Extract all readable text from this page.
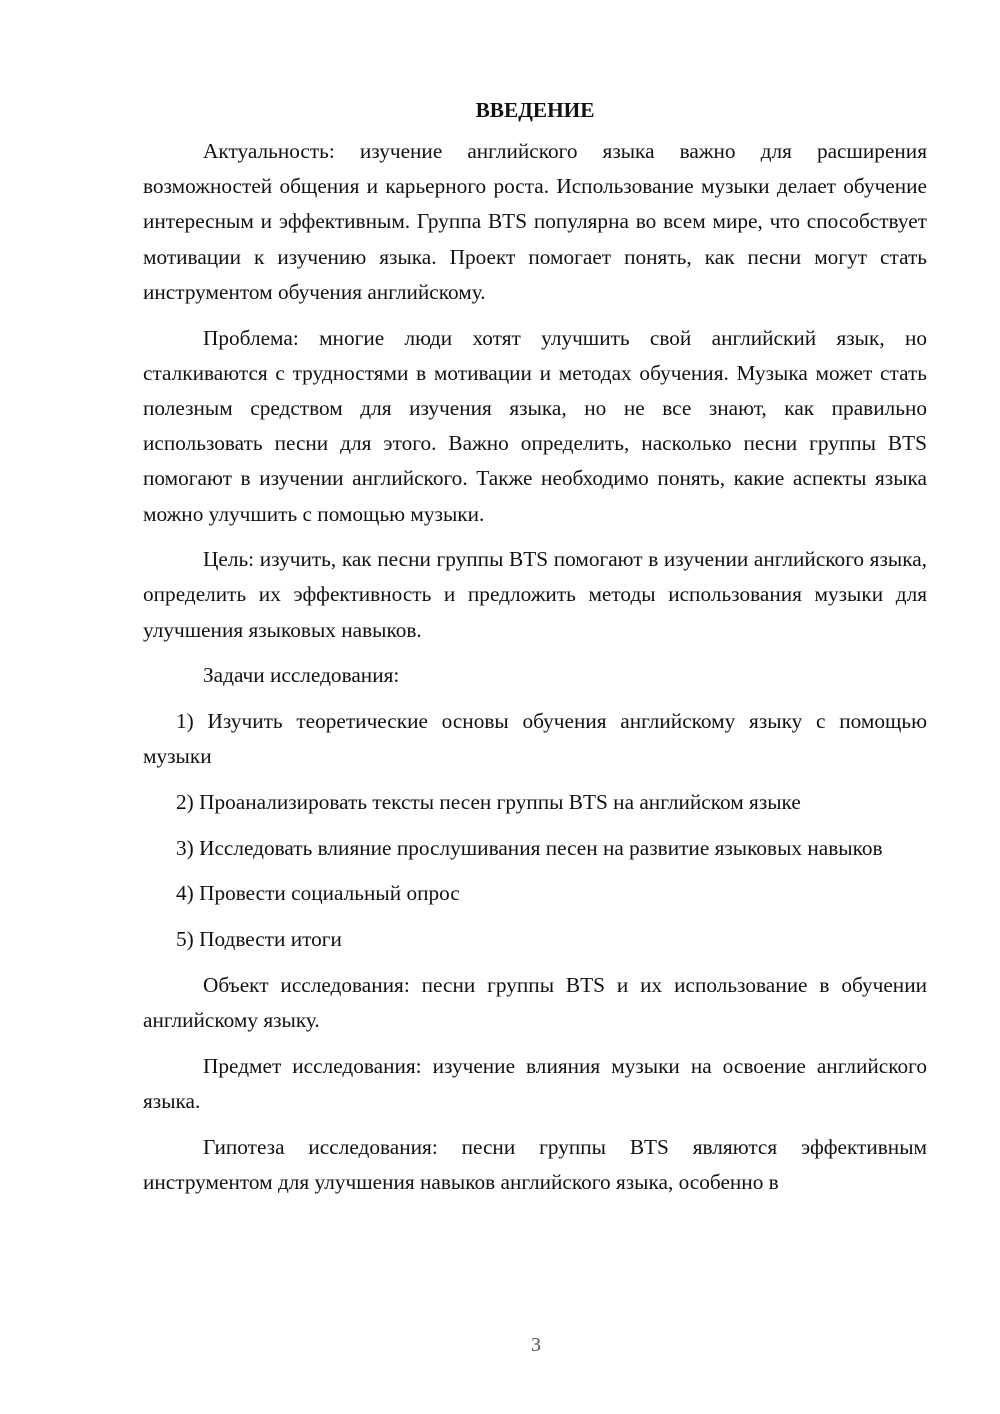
ВВЕДЕНИЕ

Актуальность: изучение английского языка важно для расширения возможностей общения и карьерного роста. Использование музыки делает обучение интересным и эффективным. Группа BTS популярна во всем мире, что способствует мотивации к изучению языка. Проект помогает понять, как песни могут стать инструментом обучения английскому.

Проблема: многие люди хотят улучшить свой английский язык, но сталкиваются с трудностями в мотивации и методах обучения. Музыка может стать полезным средством для изучения языка, но не все знают, как правильно использовать песни для этого. Важно определить, насколько песни группы BTS помогают в изучении английского. Также необходимо понять, какие аспекты языка можно улучшить с помощью музыки.

Цель: изучить, как песни группы BTS помогают в изучении английского языка, определить их эффективность и предложить методы использования музыки для улучшения языковых навыков.

Задачи исследования:

1) Изучить теоретические основы обучения английскому языку с помощью музыки

2) Проанализировать тексты песен группы BTS на английском языке

3) Исследовать влияние прослушивания песен на развитие языковых навыков

4) Провести социальный опрос

5) Подвести итоги

Объект исследования: песни группы BTS и их использование в обучении английскому языку.

Предмет исследования: изучение влияния музыки на освоение английского языка.

Гипотеза исследования: песни группы BTS являются эффективным инструментом для улучшения навыков английского языка, особенно в

3
